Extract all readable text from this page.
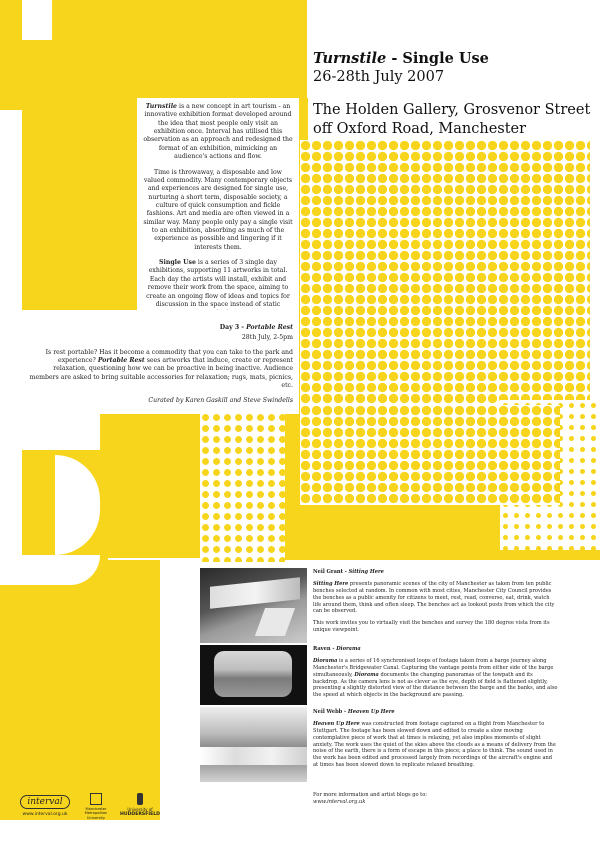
Turnstile - Single Use
26-28th July 2007
The Holden Gallery, Grosvenor Street
off Oxford Road, Manchester

Turnstile is a new concept in art tourism - an innovative exhibition format developed around the idea that most people only visit an exhibition once. Interval has utilised this observation as an approach and redesigned the format of an exhibition, mimicking an audience's actions and flow.

Time is throwaway, a disposable and low valued commodity. Many contemporary objects and experiences are designed for single use, nurturing a short term, disposable society, a culture of quick consumption and fickle fashions. Art and media are often viewed in a similar way. Many people only pay a single visit to an exhibition, absorbing as much of the experience as possible and lingering if it interests them.

Single Use is a series of 3 single day exhibitions, supporting 11 artworks in total. Each day the artists will install, exhibit and remove their work from the space, aiming to create an ongoing flow of ideas and topics for discussion in the space instead of static

Day 3 - Portable Rest

28th July, 2-5pm

Is rest portable? Has it become a commodity that you can take to the park and experience? Portable Rest sees artworks that induce, create or represent relaxation, questioning how we can be proactive in being inactive. Audience members are asked to bring suitable accessories for relaxation; rugs, mats, picnics, etc.

Curated by Karen Gaskill and Steve Swindells

Neil Grant - Sitting Here

Sitting Here presents panoramic scenes of the city of Manchester as taken from ten public benches selected at random. In common with most cities, Manchester City Council provides the benches as a public amenity for citizens to meet, rest, read, converse, eat, drink, watch life around them, think and often sleep. The benches act as lookout posts from which the city can be observed.

This work invites you to virtually visit the benches and survey the 180 degree vista from its unique viewpoint.

Raven - Diorama

Diorama is a series of 16 synchronised loops of footage taken from a barge journey along Manchester's Bridgewater Canal. Capturing the vantage points from either side of the barge simultaneously, Diorama documents the changing panoramas of the towpath and its backdrop. As the camera lens is not as clever as the eye, depth of field is flattened slightly, presenting a slightly distorted view of the distance between the barge and the banks, and also the speed at which objects in the background are passing.

Neil Webb - Heaven Up Here

Heaven Up Here was constructed from footage captured on a flight from Manchester to Stuttgart. The footage has been slowed down and edited to create a slow moving contemplative piece of work that at times is relaxing, yet also implies moments of slight anxiety. The work uses the quiet of the skies above the clouds as a means of delivery from the noise of the earth, there is a form of escape in this piece; a place to think. The sound used in the work has been edited and processed largely from recordings of the aircraft's engine and at times has been slowed down to replicate relaxed breathing.

For more information and artist blogs go to:
www.interval.org.uk
interval
www.interval.org.uk
Manchester Metropolitan University
University of
HUDDERSFIELD
